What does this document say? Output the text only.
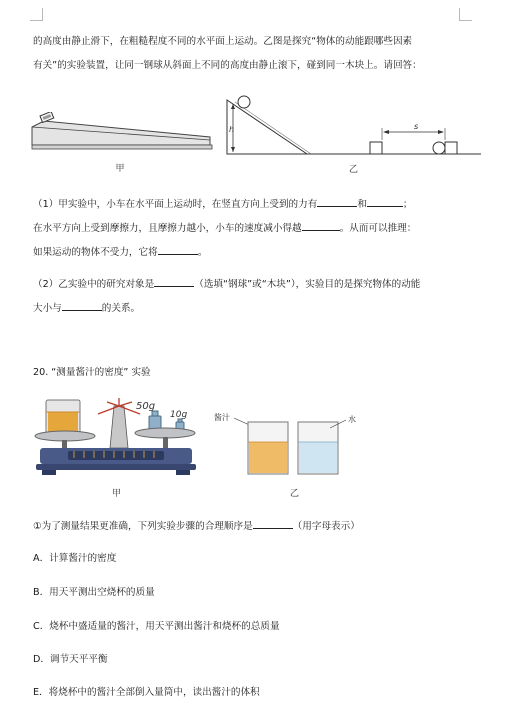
的高度由静止滑下，在粗糙程度不同的水平面上运动。乙图是探究“物体的动能跟哪些因素
有关”的实验装置，让同一钢球从斜面上不同的高度由静止滚下，碰到同一木块上。请回答：
甲
h	s
乙
（1）甲实验中，小车在水平面上运动时，在竖直方向上受到的力有	和	；
在水平方向上受到摩擦力，且摩擦力越小，小车的速度减小得越	。从而可以推理：
如果运动的物体不受力，它将	。
（2）乙实验中的研究对象是	（选填“钢球”或“木块”），实验目的是探究物体的动能
大小与	的关系。
20. “测量酱汁的密度” 实验
50g
10g
甲
酱汁	水
乙
①为了测量结果更准确，下列实验步骤的合理顺序是	（用字母表示）
A．计算酱汁的密度
B．用天平测出空烧杯的质量
C．烧杯中盛适量的酱汁，用天平测出酱汁和烧杯的总质量
D．调节天平平衡
E．将烧杯中的酱汁全部倒入量筒中，读出酱汁的体积
